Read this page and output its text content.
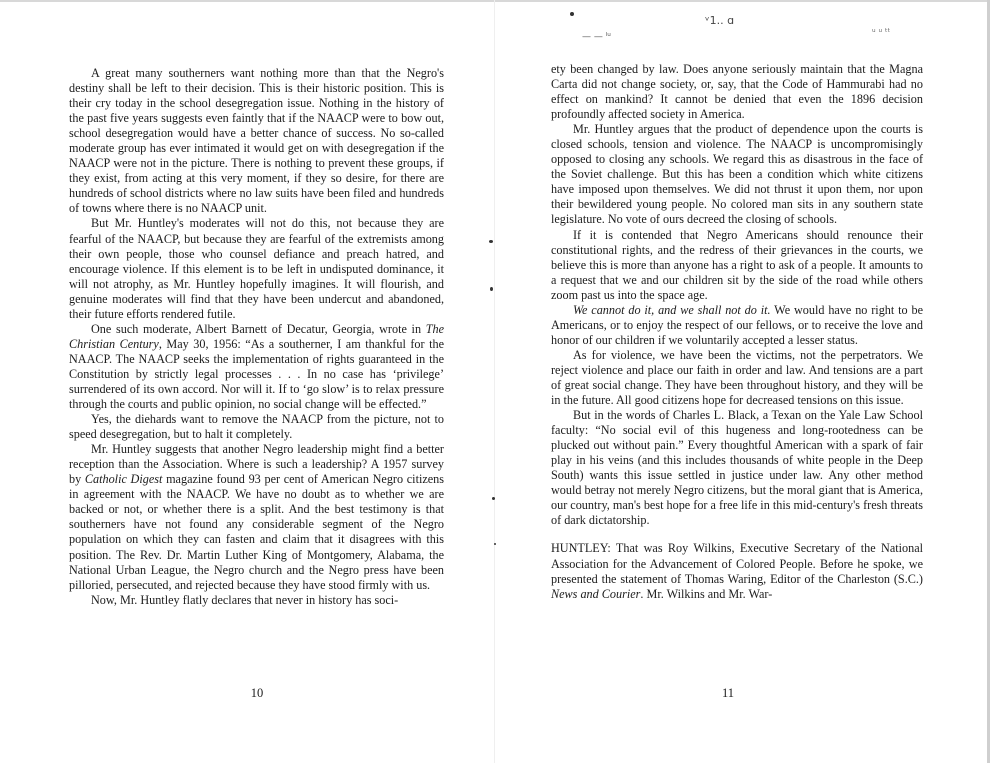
A great many southerners want nothing more than that the Negro's destiny shall be left to their decision. This is their historic position. This is their cry today in the school desegregation issue. Nothing in the history of the past five years suggests even faintly that if the NAACP were to bow out, school desegregation would have a better chance of success. No so-called moderate group has ever intimated it would get on with desegregation if the NAACP were not in the picture. There is nothing to prevent these groups, if they exist, from acting at this very moment, if they so desire, for there are hundreds of school districts where no law suits have been filed and hundreds of towns where there is no NAACP unit.

But Mr. Huntley's moderates will not do this, not because they are fearful of the NAACP, but because they are fearful of the extremists among their own people, those who counsel defiance and preach hatred, and encourage violence. If this element is to be left in undisputed dominance, it will not atrophy, as Mr. Huntley hopefully imagines. It will flourish, and genuine moderates will find that they have been undercut and abandoned, their future efforts rendered futile.

One such moderate, Albert Barnett of Decatur, Georgia, wrote in The Christian Century, May 30, 1956: “As a southerner, I am thankful for the NAACP. The NAACP seeks the implementation of rights guaranteed in the Constitution by strictly legal processes . . . In no case has ‘privilege’ surrendered of its own accord. Nor will it. If to ‘go slow’ is to relax pressure through the courts and public opinion, no social change will be effected.”

Yes, the diehards want to remove the NAACP from the picture, not to speed desegregation, but to halt it completely.

Mr. Huntley suggests that another Negro leadership might find a better reception than the Association. Where is such a leadership? A 1957 survey by Catholic Digest magazine found 93 per cent of American Negro citizens in agreement with the NAACP. We have no doubt as to whether we are backed or not, or whether there is a split. And the best testimony is that southerners have not found any considerable segment of the Negro population on which they can fasten and claim that it disagrees with this position. The Rev. Dr. Martin Luther King of Montgomery, Alabama, the National Urban League, the Negro church and the Negro press have been pilloried, persecuted, and rejected because they have stood firmly with us.

Now, Mr. Huntley flatly declares that never in history has soci-

10

ety been changed by law. Does anyone seriously maintain that the Magna Carta did not change society, or, say, that the Code of Hammurabi had no effect on mankind? It cannot be denied that even the 1896 decision profoundly affected society in America.

Mr. Huntley argues that the product of dependence upon the courts is closed schools, tension and violence. The NAACP is uncompromisingly opposed to closing any schools. We regard this as disastrous in the face of the Soviet challenge. But this has been a condition which white citizens have imposed upon themselves. We did not thrust it upon them, nor upon their bewildered young people. No colored man sits in any southern state legislature. No vote of ours decreed the closing of schools.

If it is contended that Negro Americans should renounce their constitutional rights, and the redress of their grievances in the courts, we believe this is more than anyone has a right to ask of a people. It amounts to a request that we and our children sit by the side of the road while others zoom past us into the space age.

We cannot do it, and we shall not do it. We would have no right to be Americans, or to enjoy the respect of our fellows, or to receive the love and honor of our children if we voluntarily accepted a lesser status.

As for violence, we have been the victims, not the perpetrators. We reject violence and place our faith in order and law. And tensions are a part of great social change. They have been throughout history, and they will be in the future. All good citizens hope for decreased tensions on this issue.

But in the words of Charles L. Black, a Texan on the Yale Law School faculty: “No social evil of this hugeness and long-rootedness can be plucked out without pain.” Every thoughtful American with a spark of fair play in his veins (and this includes thousands of white people in the Deep South) wants this issue settled in justice under law. Any other method would betray not merely Negro citizens, but the moral giant that is America, our country, man's best hope for a free life in this mid-century's fresh threats of dark dictatorship.

HUNTLEY: That was Roy Wilkins, Executive Secretary of the National Association for the Advancement of Colored People. Before he spoke, we presented the statement of Thomas Waring, Editor of the Charleston (S.C.) News and Courier. Mr. Wilkins and Mr. War-

11
ᵛ1.. ɑ
— — ˡᵘ	ᵘ ᵘ ᵗᵗ
